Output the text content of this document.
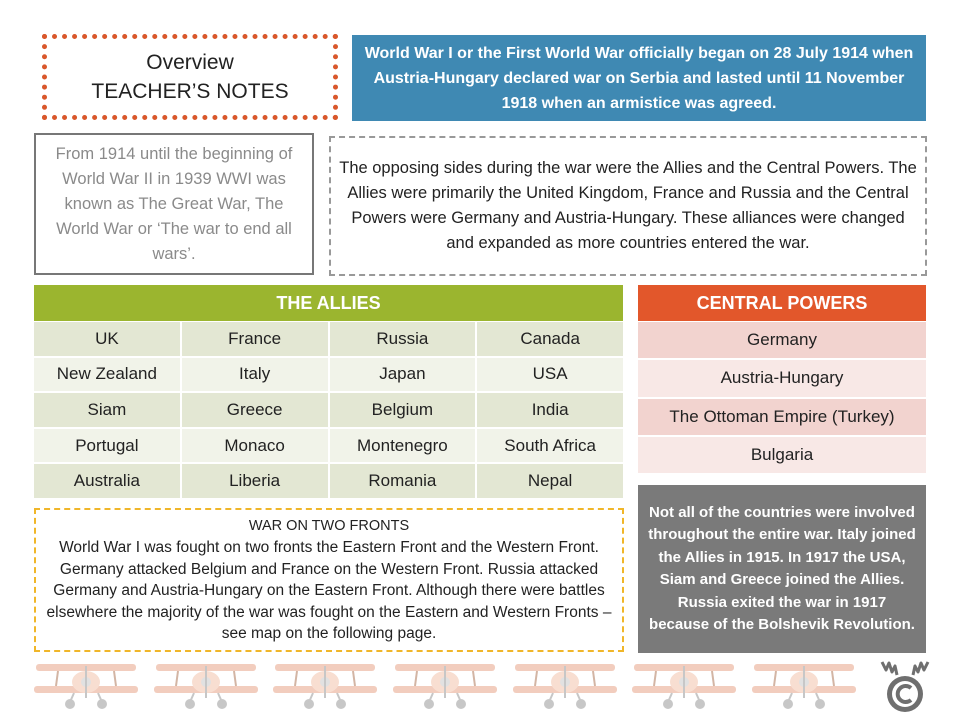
Overview
TEACHER’S NOTES
World War I or the First World War officially began on 28 July 1914 when Austria-Hungary declared war on Serbia and lasted until 11 November 1918 when an armistice was agreed.
From 1914 until the beginning of World War II in 1939 WWI was known as The Great War, The World War or ‘The war to end all wars’.
The opposing sides during the war were the Allies and the Central Powers. The Allies were primarily the United Kingdom, France and Russia and the Central Powers were Germany and Austria-Hungary. These alliances were changed and expanded as more countries entered the war.
THE ALLIES
UK	France	Russia	Canada
New Zealand	Italy	Japan	USA
Siam	Greece	Belgium	India
Portugal	Monaco	Montenegro	South Africa
Australia	Liberia	Romania	Nepal
CENTRAL POWERS
Germany
Austria-Hungary
The Ottoman Empire (Turkey)
Bulgaria
WAR ON TWO FRONTS
World War I was fought on two fronts the Eastern Front and the Western Front. Germany attacked Belgium and France on the Western Front. Russia attacked Germany and Austria-Hungary on the Eastern Front. Although there were battles elsewhere the majority of the war was fought on the Eastern and Western Fronts – see map on the following page.
Not all of the countries were involved throughout the entire war. Italy joined the Allies in 1915. In 1917 the USA, Siam and Greece joined the Allies. Russia exited the war in 1917 because of the Bolshevik Revolution.
